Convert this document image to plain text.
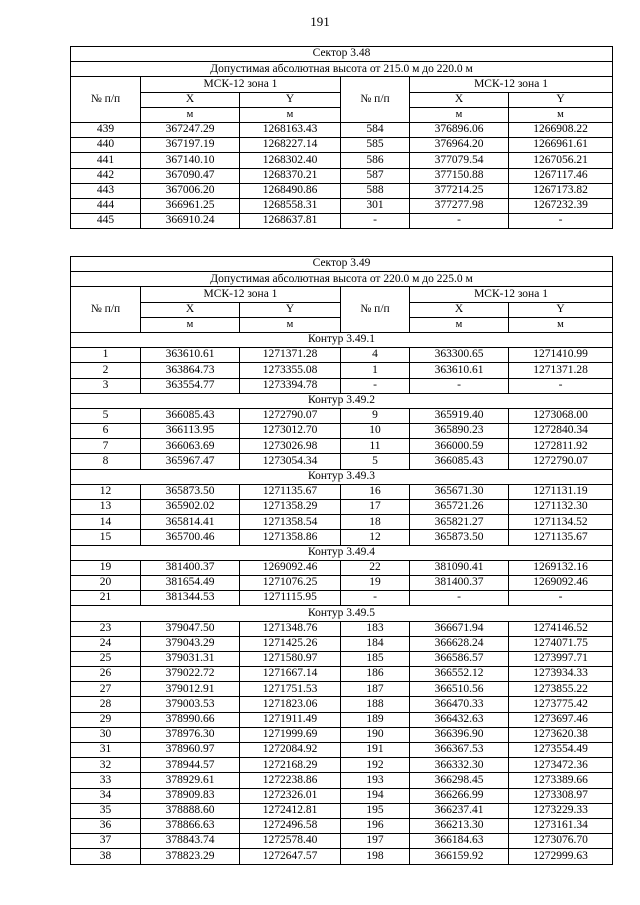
191
Сектор 3.48					
Допустимая абсолютная высота от 215.0 м до 220.0 м					
№ п/п	МСК-12 зона 1		№ п/п	МСК-12 зона 1	
	X	Y		X	Y
	м	м		м	м
439	367247.29	1268163.43	584	376896.06	1266908.22
440	367197.19	1268227.14	585	376964.20	1266961.61
441	367140.10	1268302.40	586	377079.54	1267056.21
442	367090.47	1268370.21	587	377150.88	1267117.46
443	367006.20	1268490.86	588	377214.25	1267173.82
444	366961.25	1268558.31	301	377277.98	1267232.39
445	366910.24	1268637.81	-	-	-
Сектор 3.49					
Допустимая абсолютная высота от 220.0 м до 225.0 м					
№ п/п	МСК-12 зона 1		№ п/п	МСК-12 зона 1	
	X	Y		X	Y
	м	м		м	м
Контур 3.49.1					
1	363610.61	1271371.28	4	363300.65	1271410.99
2	363864.73	1273355.08	1	363610.61	1271371.28
3	363554.77	1273394.78	-	-	-
Контур 3.49.2					
5	366085.43	1272790.07	9	365919.40	1273068.00
6	366113.95	1273012.70	10	365890.23	1272840.34
7	366063.69	1273026.98	11	366000.59	1272811.92
8	365967.47	1273054.34	5	366085.43	1272790.07
Контур 3.49.3					
12	365873.50	1271135.67	16	365671.30	1271131.19
13	365902.02	1271358.29	17	365721.26	1271132.30
14	365814.41	1271358.54	18	365821.27	1271134.52
15	365700.46	1271358.86	12	365873.50	1271135.67
Контур 3.49.4					
19	381400.37	1269092.46	22	381090.41	1269132.16
20	381654.49	1271076.25	19	381400.37	1269092.46
21	381344.53	1271115.95	-	-	-
Контур 3.49.5					
23	379047.50	1271348.76	183	366671.94	1274146.52
24	379043.29	1271425.26	184	366628.24	1274071.75
25	379031.31	1271580.97	185	366586.57	1273997.71
26	379022.72	1271667.14	186	366552.12	1273934.33
27	379012.91	1271751.53	187	366510.56	1273855.22
28	379003.53	1271823.06	188	366470.33	1273775.42
29	378990.66	1271911.49	189	366432.63	1273697.46
30	378976.30	1271999.69	190	366396.90	1273620.38
31	378960.97	1272084.92	191	366367.53	1273554.49
32	378944.57	1272168.29	192	366332.30	1273472.36
33	378929.61	1272238.86	193	366298.45	1273389.66
34	378909.83	1272326.01	194	366266.99	1273308.97
35	378888.60	1272412.81	195	366237.41	1273229.33
36	378866.63	1272496.58	196	366213.30	1273161.34
37	378843.74	1272578.40	197	366184.63	1273076.70
38	378823.29	1272647.57	198	366159.92	1272999.63
